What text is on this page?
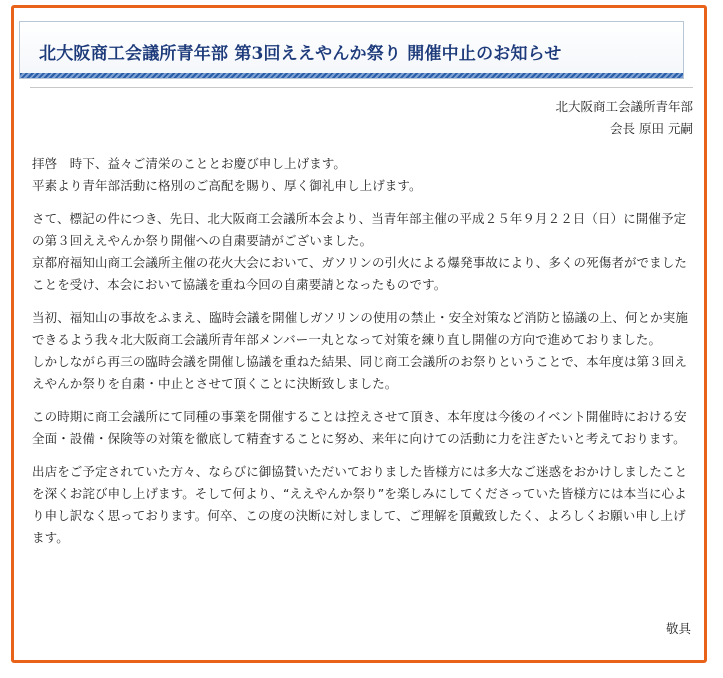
北大阪商工会議所青年部 第3回ええやんか祭り 開催中止のお知らせ
北大阪商工会議所青年部
会長 原田 元嗣

拝啓　時下、益々ご清栄のこととお慶び申し上げます。
平素より青年部活動に格別のご高配を賜り、厚く御礼申し上げます。

さて、標記の件につき、先日、北大阪商工会議所本会より、当青年部主催の平成２５年９月２２日（日）に開催予定の第３回ええやんか祭り開催への自粛要請がございました。
京都府福知山商工会議所主催の花火大会において、ガソリンの引火による爆発事故により、多くの死傷者がでましたことを受け、本会において協議を重ね今回の自粛要請となったものです。

当初、福知山の事故をふまえ、臨時会議を開催しガソリンの使用の禁止・安全対策など消防と協議の上、何とか実施できるよう我々北大阪商工会議所青年部メンバー一丸となって対策を練り直し開催の方向で進めておりました。
しかしながら再三の臨時会議を開催し協議を重ねた結果、同じ商工会議所のお祭りということで、本年度は第３回ええやんか祭りを自粛・中止とさせて頂くことに決断致しました。

この時期に商工会議所にて同種の事業を開催することは控えさせて頂き、本年度は今後のイベント開催時における安全面・設備・保険等の対策を徹底して精査することに努め、来年に向けての活動に力を注ぎたいと考えております。

出店をご予定されていた方々、ならびに御協賛いただいておりました皆様方には多大なご迷惑をおかけしましたことを深くお詫び申し上げます。そして何より、“ええやんか祭り”を楽しみにしてくださっていた皆様方には本当に心より申し訳なく思っております。何卒、この度の決断に対しまして、ご理解を頂戴致したく、よろしくお願い申し上げます。

敬具
